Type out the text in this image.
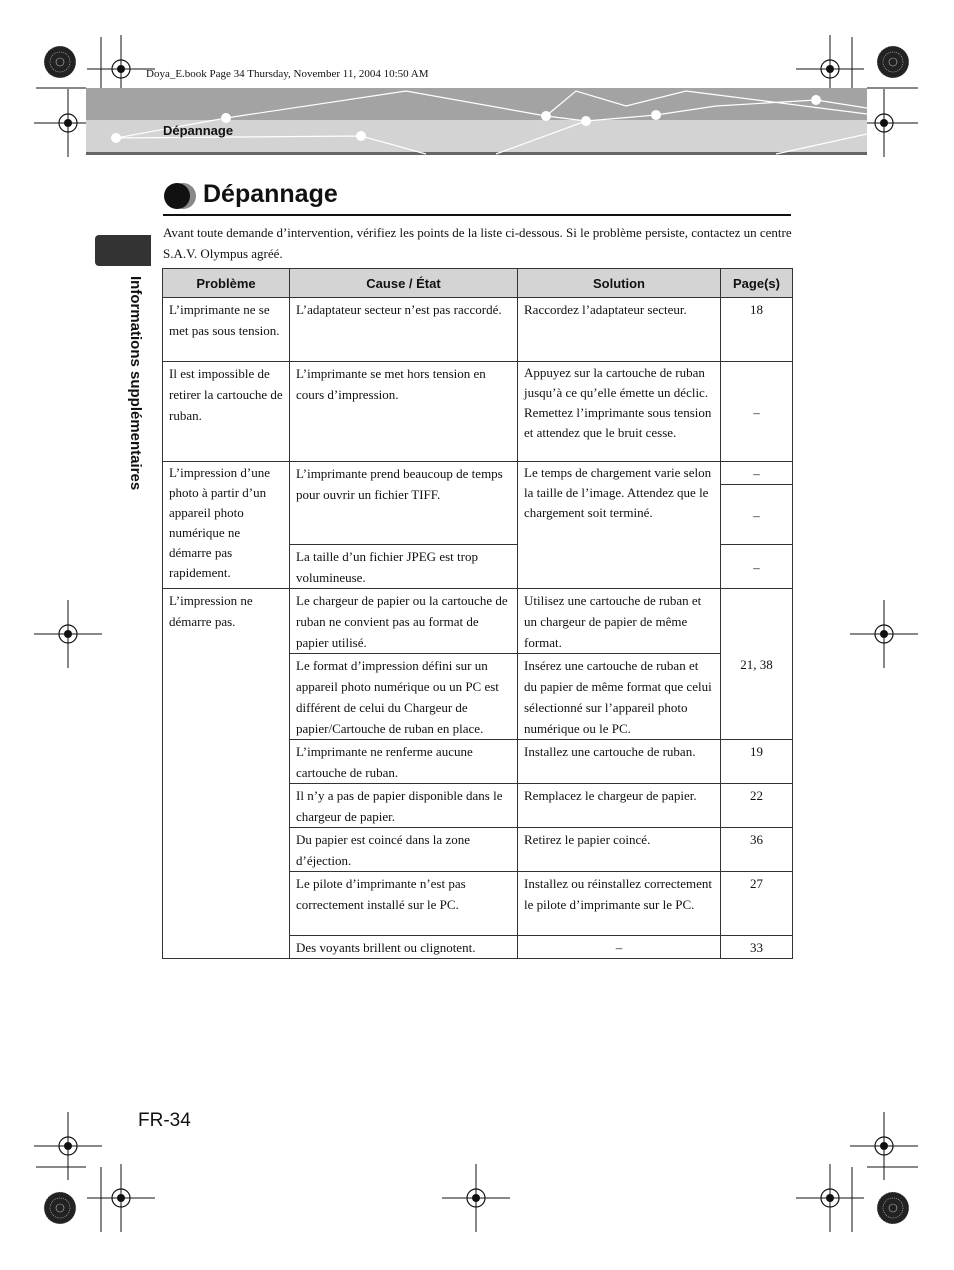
Doya_E.book Page 34 Thursday, November 11, 2004 10:50 AM
Dépannage
Dépannage
Avant toute demande d’intervention, vérifiez les points de la liste ci-dessous. Si le problème persiste, contactez un centre S.A.V. Olympus agréé.
Informations supplémentaires	Problème	Cause / État	Solution	Page(s)
L’imprimante ne se met pas sous tension.	L’adaptateur secteur n’est pas raccordé.	Raccordez l’adaptateur secteur.	18
Il est impossible de retirer la cartouche de ruban.	L’imprimante se met hors tension en cours d’impression.	Appuyez sur la cartouche de ruban jusqu’à ce qu’elle émette un déclic. Remettez l’imprimante sous tension et attendez que le bruit cesse.	–
L’impression d’une photo à partir d’un appareil photo numérique ne démarre pas rapidement.	L’imprimante prend beaucoup de temps pour ouvrir un fichier TIFF.	Le temps de chargement varie selon la taille de l’image. Attendez que le chargement soit terminé.	–
			–
	La taille d’un fichier JPEG est trop volumineuse.		–
L’impression ne démarre pas.	Le chargeur de papier ou la cartouche de ruban ne convient pas au format de papier utilisé.	Utilisez une cartouche de ruban et un chargeur de papier de même format.	21, 38
	Le format d’impression défini sur un appareil photo numérique ou un PC est différent de celui du Chargeur de papier/Cartouche de ruban en place.	Insérez une cartouche de ruban et du papier de même format que celui sélectionné sur l’appareil photo numérique ou le PC.	
	L’imprimante ne renferme aucune cartouche de ruban.	Installez une cartouche de ruban.	19
	Il n’y a pas de papier disponible dans le chargeur de papier.	Remplacez le chargeur de papier.	22
	Du papier est coincé dans la zone d’éjection.	Retirez le papier coincé.	36
	Le pilote d’imprimante n’est pas correctement installé sur le PC.	Installez ou réinstallez correctement le pilote d’imprimante sur le PC.	27
	Des voyants brillent ou clignotent.	–	33
FR-34
